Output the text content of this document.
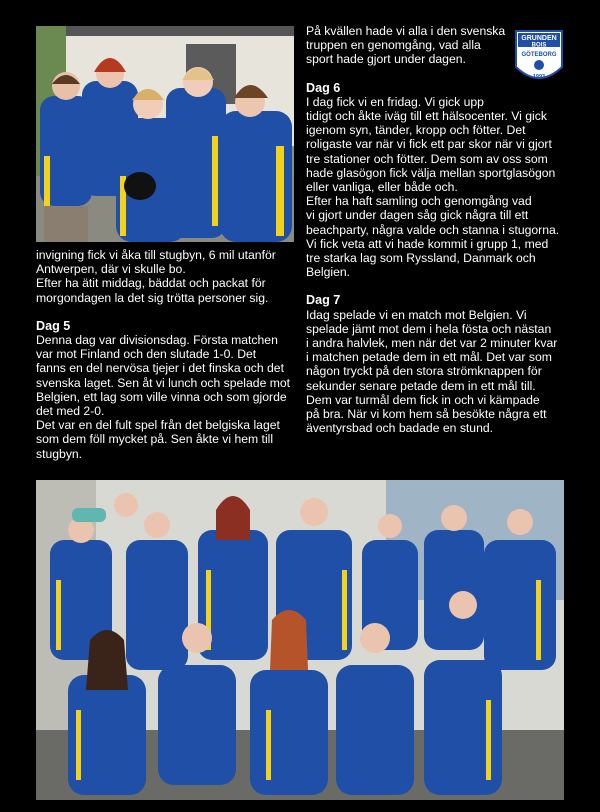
GRUNDEN
BOIS
GÖTEBORG
1993

invigning fick vi åka till stugbyn, 6 mil utanför
Antwerpen, där vi skulle bo.
Efter ha ätit middag, bäddat och packat för
morgondagen la det sig trötta personer sig.

Dag 5

Denna dag var divisionsdag. Första matchen
var mot Finland och den slutade 1-0. Det
fanns en del nervösa tjejer i det finska och det
svenska laget. Sen åt vi lunch och spelade mot
Belgien, ett lag som ville vinna och som gjorde
det med 2-0.
Det var en del fult spel från det belgiska laget
som dem föll mycket på. Sen åkte vi hem till
stugbyn.

På kvällen hade vi alla i den svenska
truppen en genomgång, vad alla
sport hade gjort under dagen.

Dag 6

I dag fick vi en fridag. Vi gick upp
tidigt och åkte iväg till ett hälsocenter. Vi gick
igenom syn, tänder, kropp och fötter. Det
roligaste var när vi fick ett par skor när vi gjort
tre stationer och fötter. Dem som av oss som
hade glasögon fick välja mellan sportglasögon
eller vanliga, eller både och.
Efter ha haft samling och genomgång vad
vi gjort under dagen såg gick några till ett
beachparty, några valde och stanna i stugorna.
Vi fick veta att vi hade kommit i grupp 1, med
tre starka lag som Ryssland, Danmark och
Belgien.

Dag 7

Idag spelade vi en match mot Belgien. Vi
spelade jämt mot dem i hela fösta och nästan
i andra halvlek, men när det var 2 minuter kvar
i matchen petade dem in ett mål. Det var som
någon tryckt på den stora strömknappen för
sekunder senare petade dem in ett mål till.
Dem var turmål dem fick in och vi kämpade
på bra. När vi kom hem så besökte några ett
äventyrsbad och badade en stund.
